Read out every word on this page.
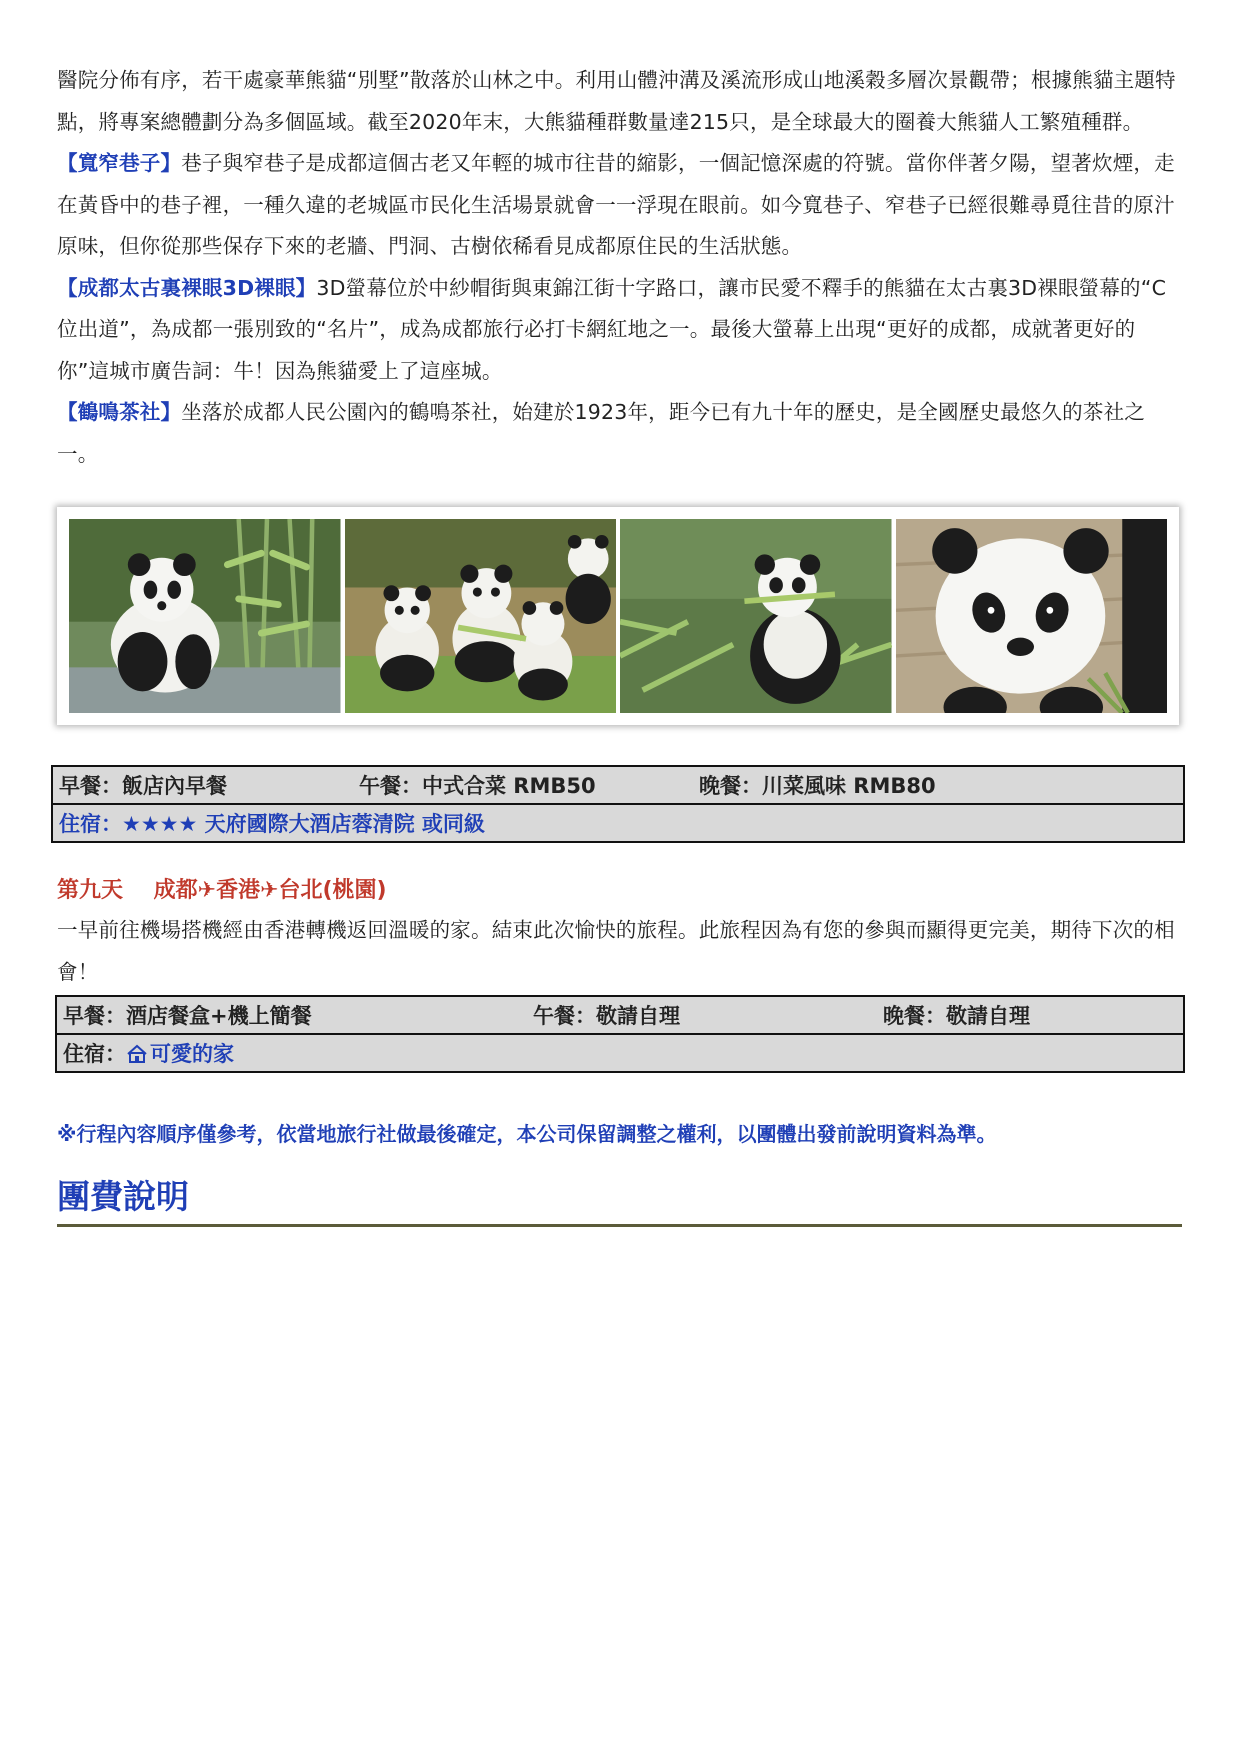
醫院分佈有序，若干處豪華熊貓“別墅”散落於山林之中。利用山體沖溝及溪流形成山地溪穀多層次景觀帶；根據熊貓主題特點，將專案總體劃分為多個區域。截至2020年末，大熊貓種群數量達215只，是全球最大的圈養大熊貓人工繁殖種群。

【寬窄巷子】巷子與窄巷子是成都這個古老又年輕的城市往昔的縮影，一個記憶深處的符號。當你伴著夕陽，望著炊煙，走在黃昏中的巷子裡，一種久違的老城區市民化生活場景就會一一浮現在眼前。如今寬巷子、窄巷子已經很難尋覓往昔的原汁原味，但你從那些保存下來的老牆、門洞、古樹依稀看見成都原住民的生活狀態。

【成都太古裏裸眼3D裸眼】3D螢幕位於中紗帽街與東錦江街十字路口，讓市民愛不釋手的熊貓在太古裏3D裸眼螢幕的“C位出道”，為成都一張別致的“名片”，成為成都旅行必打卡網紅地之一。最後大螢幕上出現“更好的成都，成就著更好的你”這城市廣告詞：牛！因為熊貓愛上了這座城。

【鶴鳴茶社】坐落於成都人民公園內的鶴鳴茶社，始建於1923年，距今已有九十年的歷史，是全國歷史最悠久的茶社之一。

早餐：飯店內早餐	午餐：中式合菜 RMB50	晚餐：川菜風味 RMB80

住宿：★★★★ 天府國際大酒店蓉清院 或同級

第九天    成都✈香港✈台北(桃園)

一早前往機場搭機經由香港轉機返回溫暖的家。結束此次愉快的旅程。此旅程因為有您的參與而顯得更完美，期待下次的相會！

早餐：酒店餐盒+機上簡餐	午餐：敬請自理	晚餐：敬請自理

住宿： 可愛的家

※行程內容順序僅參考，依當地旅行社做最後確定，本公司保留調整之權利，以團體出發前說明資料為準。

團費說明
